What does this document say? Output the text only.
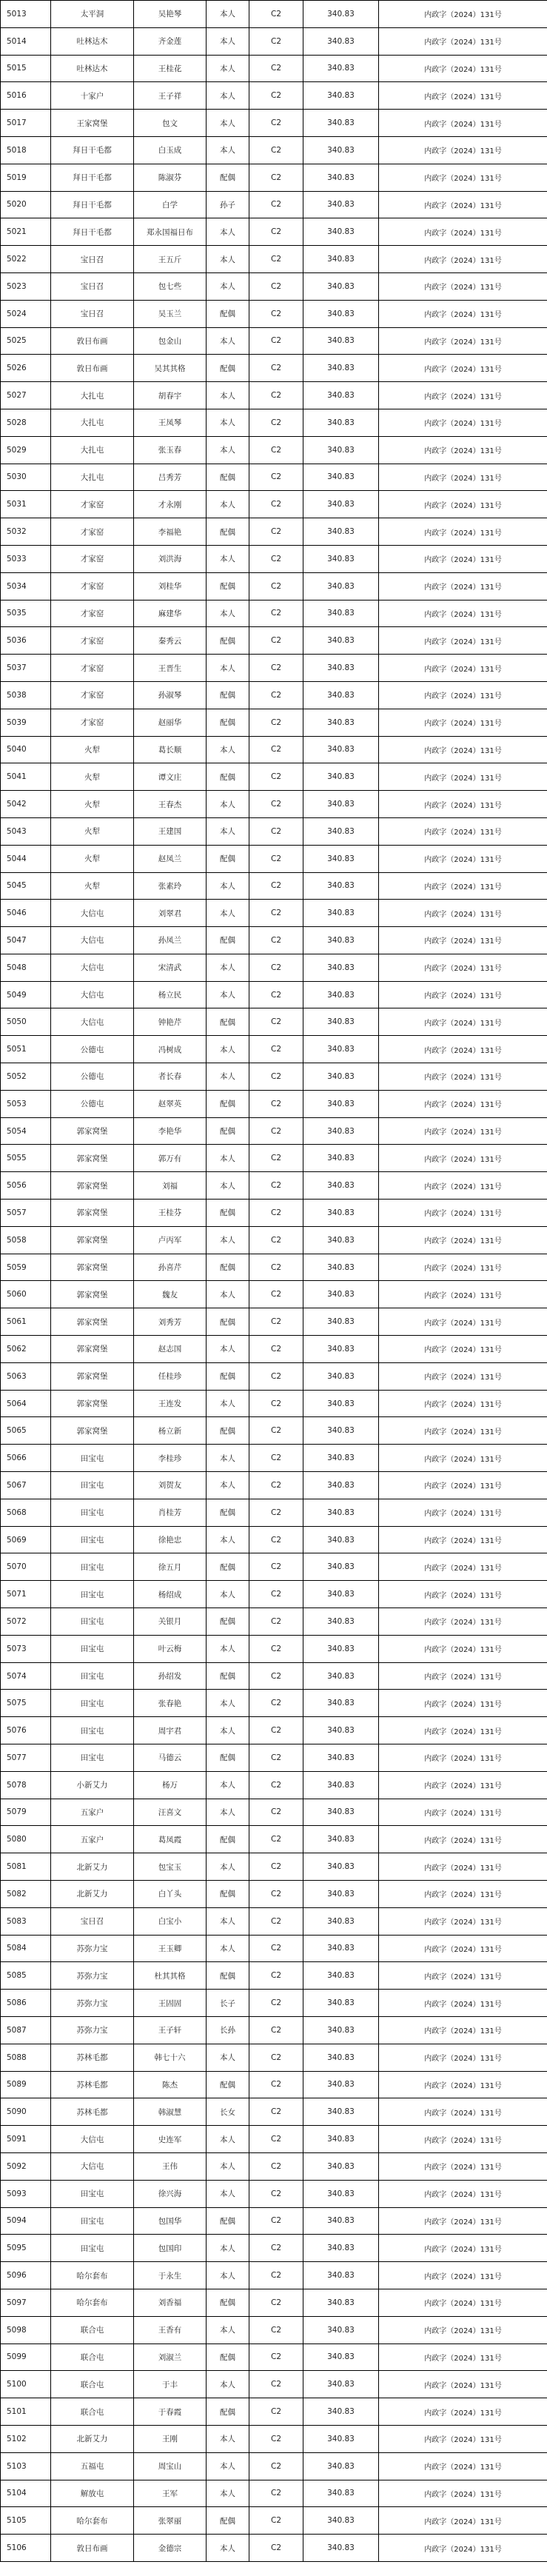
5013	太平洞	吴艳琴	本人	C2	340.83	内政字（2024）131号
5014	吐林达木	齐金莲	本人	C2	340.83	内政字（2024）131号
5015	吐林达木	王桂花	本人	C2	340.83	内政字（2024）131号
5016	十家户	王子祥	本人	C2	340.83	内政字（2024）131号
5017	王家窝堡	包文	本人	C2	340.83	内政字（2024）131号
5018	拜日干毛都	白玉成	本人	C2	340.83	内政字（2024）131号
5019	拜日干毛都	陈淑芬	配偶	C2	340.83	内政字（2024）131号
5020	拜日干毛都	白学	孙子	C2	340.83	内政字（2024）131号
5021	拜日干毛都	郑永国福日布	本人	C2	340.83	内政字（2024）131号
5022	宝日召	王五斤	本人	C2	340.83	内政字（2024）131号
5023	宝日召	包七些	本人	C2	340.83	内政字（2024）131号
5024	宝日召	吴玉兰	配偶	C2	340.83	内政字（2024）131号
5025	敦日布画	包金山	本人	C2	340.83	内政字（2024）131号
5026	敦日布画	吴其其格	配偶	C2	340.83	内政字（2024）131号
5027	大扎屯	胡春宇	本人	C2	340.83	内政字（2024）131号
5028	大扎屯	王凤琴	本人	C2	340.83	内政字（2024）131号
5029	大扎屯	张玉春	本人	C2	340.83	内政字（2024）131号
5030	大扎屯	吕秀芳	配偶	C2	340.83	内政字（2024）131号
5031	才家窑	才永刚	本人	C2	340.83	内政字（2024）131号
5032	才家窑	李福艳	配偶	C2	340.83	内政字（2024）131号
5033	才家窑	刘洪海	本人	C2	340.83	内政字（2024）131号
5034	才家窑	刘桂华	配偶	C2	340.83	内政字（2024）131号
5035	才家窑	麻建华	本人	C2	340.83	内政字（2024）131号
5036	才家窑	秦秀云	配偶	C2	340.83	内政字（2024）131号
5037	才家窑	王晋生	本人	C2	340.83	内政字（2024）131号
5038	才家窑	孙淑琴	配偶	C2	340.83	内政字（2024）131号
5039	才家窑	赵丽华	配偶	C2	340.83	内政字（2024）131号
5040	火犁	葛长顺	本人	C2	340.83	内政字（2024）131号
5041	火犁	谭文庄	配偶	C2	340.83	内政字（2024）131号
5042	火犁	王春杰	本人	C2	340.83	内政字（2024）131号
5043	火犁	王建国	本人	C2	340.83	内政字（2024）131号
5044	火犁	赵凤兰	配偶	C2	340.83	内政字（2024）131号
5045	火犁	张素玲	本人	C2	340.83	内政字（2024）131号
5046	大信屯	刘翠君	本人	C2	340.83	内政字（2024）131号
5047	大信屯	孙凤兰	配偶	C2	340.83	内政字（2024）131号
5048	大信屯	宋清武	本人	C2	340.83	内政字（2024）131号
5049	大信屯	杨立民	本人	C2	340.83	内政字（2024）131号
5050	大信屯	钟艳芹	配偶	C2	340.83	内政字（2024）131号
5051	公德屯	冯树成	本人	C2	340.83	内政字（2024）131号
5052	公德屯	者长春	本人	C2	340.83	内政字（2024）131号
5053	公德屯	赵翠英	配偶	C2	340.83	内政字（2024）131号
5054	郭家窝堡	李艳华	配偶	C2	340.83	内政字（2024）131号
5055	郭家窝堡	郭万有	本人	C2	340.83	内政字（2024）131号
5056	郭家窝堡	刘福	本人	C2	340.83	内政字（2024）131号
5057	郭家窝堡	王桂芬	配偶	C2	340.83	内政字（2024）131号
5058	郭家窝堡	卢丙军	本人	C2	340.83	内政字（2024）131号
5059	郭家窝堡	孙喜芹	配偶	C2	340.83	内政字（2024）131号
5060	郭家窝堡	魏友	本人	C2	340.83	内政字（2024）131号
5061	郭家窝堡	刘秀芳	配偶	C2	340.83	内政字（2024）131号
5062	郭家窝堡	赵志国	本人	C2	340.83	内政字（2024）131号
5063	郭家窝堡	任桂珍	配偶	C2	340.83	内政字（2024）131号
5064	郭家窝堡	王连发	本人	C2	340.83	内政字（2024）131号
5065	郭家窝堡	杨立新	配偶	C2	340.83	内政字（2024）131号
5066	田宝屯	李桂珍	本人	C2	340.83	内政字（2024）131号
5067	田宝屯	刘贺友	本人	C2	340.83	内政字（2024）131号
5068	田宝屯	肖桂芳	配偶	C2	340.83	内政字（2024）131号
5069	田宝屯	徐艳忠	本人	C2	340.83	内政字（2024）131号
5070	田宝屯	徐五月	配偶	C2	340.83	内政字（2024）131号
5071	田宝屯	杨绍成	本人	C2	340.83	内政字（2024）131号
5072	田宝屯	关银月	配偶	C2	340.83	内政字（2024）131号
5073	田宝屯	叶云梅	本人	C2	340.83	内政字（2024）131号
5074	田宝屯	孙绍发	配偶	C2	340.83	内政字（2024）131号
5075	田宝屯	张春艳	本人	C2	340.83	内政字（2024）131号
5076	田宝屯	周宇君	本人	C2	340.83	内政字（2024）131号
5077	田宝屯	马德云	配偶	C2	340.83	内政字（2024）131号
5078	小新艾力	杨万	本人	C2	340.83	内政字（2024）131号
5079	五家户	汪喜文	本人	C2	340.83	内政字（2024）131号
5080	五家户	葛凤霞	配偶	C2	340.83	内政字（2024）131号
5081	北新艾力	包宝玉	本人	C2	340.83	内政字（2024）131号
5082	北新艾力	白丫头	配偶	C2	340.83	内政字（2024）131号
5083	宝日召	白宝小	本人	C2	340.83	内政字（2024）131号
5084	苏弥力宝	王玉卿	本人	C2	340.83	内政字（2024）131号
5085	苏弥力宝	杜其其格	配偶	C2	340.83	内政字（2024）131号
5086	苏弥力宝	王固固	长子	C2	340.83	内政字（2024）131号
5087	苏弥力宝	王子轩	长孙	C2	340.83	内政字（2024）131号
5088	苏林毛都	韩七十六	本人	C2	340.83	内政字（2024）131号
5089	苏林毛都	陈杰	配偶	C2	340.83	内政字（2024）131号
5090	苏林毛都	韩淑慧	长女	C2	340.83	内政字（2024）131号
5091	大信屯	史连军	本人	C2	340.83	内政字（2024）131号
5092	大信屯	王伟	本人	C2	340.83	内政字（2024）131号
5093	田宝屯	徐兴海	本人	C2	340.83	内政字（2024）131号
5094	田宝屯	包国华	配偶	C2	340.83	内政字（2024）131号
5095	田宝屯	包国印	本人	C2	340.83	内政字（2024）131号
5096	哈尔套布	于永生	本人	C2	340.83	内政字（2024）131号
5097	哈尔套布	刘香福	配偶	C2	340.83	内政字（2024）131号
5098	联合屯	王香有	本人	C2	340.83	内政字（2024）131号
5099	联合屯	刘淑兰	配偶	C2	340.83	内政字（2024）131号
5100	联合屯	于丰	本人	C2	340.83	内政字（2024）131号
5101	联合屯	于春霞	配偶	C2	340.83	内政字（2024）131号
5102	北新艾力	王刚	本人	C2	340.83	内政字（2024）131号
5103	五福屯	周宝山	本人	C2	340.83	内政字（2024）131号
5104	解放屯	王军	本人	C2	340.83	内政字（2024）131号
5105	哈尔套布	张翠丽	配偶	C2	340.83	内政字（2024）131号
5106	敦日布画	金德宗	本人	C2	340.83	内政字（2024）131号
